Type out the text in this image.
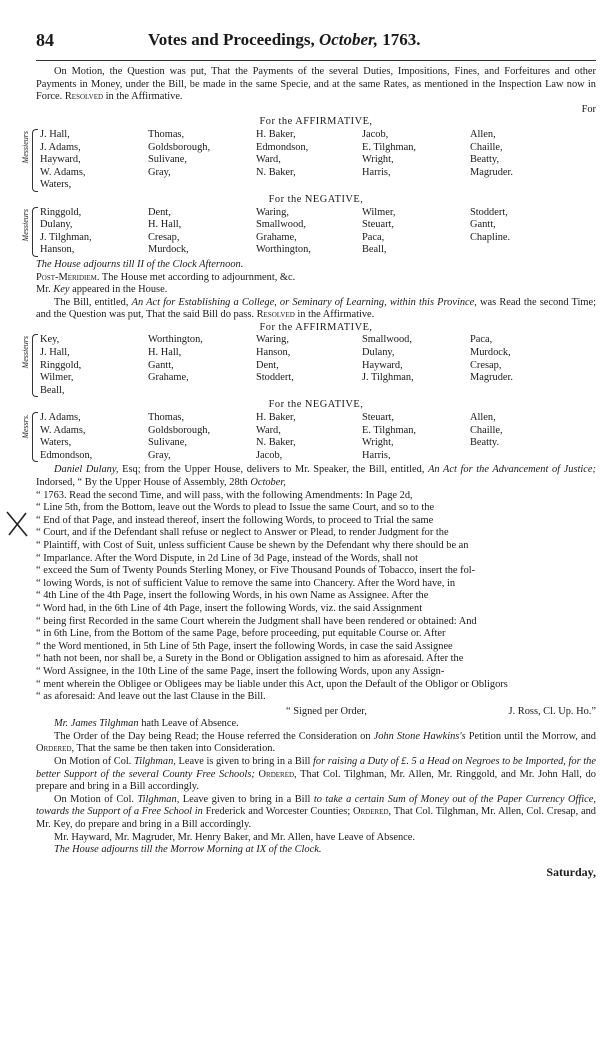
84	Votes and Proceedings, October, 1763.

On Motion, the Question was put, That the Payments of the several Duties, Impositions, Fines, and Forfeitures and other Payments in Money, under the Bill, be made in the same Specie, and at the same Rates, as mentioned in the Inspection Law now in Force. Resolved in the Affirmative.

For

For the AFFIRMATIVE,

Messieurs J. Hall,	Thomas,	H. Baker,	Jacob,	Allen,
J. Adams,	Goldsborough,	Edmondson,	E. Tilghman,	Chaille,
Hayward,	Sulivane,	Ward,	Wright,	Beatty,
W. Adams,	Gray,	N. Baker,	Harris,	Magruder.
Waters,

For the NEGATIVE,

Messieurs Ringgold,	Dent,	Waring,	Wilmer,	Stoddert,
Dulany,	H. Hall,	Smallwood,	Steuart,	Gantt,
J. Tilghman,	Cresap,	Grahame,	Paca,	Chapline.
Hanson,	Murdock,	Worthington,	Beall,

The House adjourns till II of the Clock Afternoon.

Post-Meridiem. The House met according to adjournment, &c.

Mr. Key appeared in the House.

The Bill, entitled, An Act for Establishing a College, or Seminary of Learning, within this Province, was Read the second Time; and the Question was put, That the said Bill do pass. Resolved in the Affirmative.

For the AFFIRMATIVE,

Messieurs Key,	Worthington,	Waring,	Smallwood,	Paca,
J. Hall,	H. Hall,	Hanson,	Dulany,	Murdock,
Ringgold,	Gantt,	Dent,	Hayward,	Cresap,
Wilmer,	Grahame,	Stoddert,	J. Tilghman,	Magruder.
Beall,

For the NEGATIVE,

Messrs. J. Adams,	Thomas,	H. Baker,	Steuart,	Allen,
W. Adams,	Goldsborough,	Ward,	E. Tilghman,	Chaille,
Waters,	Sulivane,	N. Baker,	Wright,	Beatty.
Edmondson,	Gray,	Jacob,	Harris,

Daniel Dulany, Esq; from the Upper House, delivers to Mr. Speaker, the Bill, entitled, An Act for the Advancement of Justice; Indorsed, “ By the Upper House of Assembly, 28th October,

“ 1763. Read the second Time, and will pass, with the following Amendments: In Page 2d,

“ Line 5th, from the Bottom, leave out the Words to plead to Issue the same Court, and so to the

“ End of that Page, and instead thereof, insert the following Words, to proceed to Trial the same

“ Court, and if the Defendant shall refuse or neglect to Answer or Plead, to render Judgment for the

“ Plaintiff, with Cost of Suit, unless sufficient Cause be shewn by the Defendant why there should be an

“ Imparlance. After the Word Dispute, in 2d Line of 3d Page, instead of the Words, shall not

“ exceed the Sum of Twenty Pounds Sterling Money, or Five Thousand Pounds of Tobacco, insert the fol-

“ lowing Words, is not of sufficient Value to remove the same into Chancery. After the Word have, in

“ 4th Line of the 4th Page, insert the following Words, in his own Name as Assignee. After the

“ Word had, in the 6th Line of 4th Page, insert the following Words, viz. the said Assignment

“ being first Recorded in the same Court wherein the Judgment shall have been rendered or obtained: And

“ in 6th Line, from the Bottom of the same Page, before proceeding, put equitable Course or. After

“ the Word mentioned, in 5th Line of 5th Page, insert the following Words, in case the said Assignee

“ hath not been, nor shall be, a Surety in the Bond or Obligation assigned to him as aforesaid. After the

“ Word Assignee, in the 10th Line of the same Page, insert the following Words, upon any Assign-

“ ment wherein the Obligee or Obligees may be liable under this Act, upon the Default of the Obligor or Obligors

“ as aforesaid: And leave out the last Clause in the Bill.

“ Signed per Order,	J. Ross, Cl. Up. Ho.”

Mr. James Tilghman hath Leave of Absence.

The Order of the Day being Read; the House referred the Consideration on John Stone Hawkins's Petition until the Morrow, and Ordered, That the same be then taken into Consideration.

On Motion of Col. Tilghman, Leave is given to bring in a Bill for raising a Duty of £. 5 a Head on Negroes to be Imported, for the better Support of the several County Free Schools; Ordered, That Col. Tilghman, Mr. Allen, Mr. Ringgold, and Mr. John Hall, do prepare and bring in a Bill accordingly.

On Motion of Col. Tilghman, Leave given to bring in a Bill to take a certain Sum of Money out of the Paper Currency Office, towards the Support of a Free School in Frederick and Worcester Counties; Ordered, That Col. Tilghman, Mr. Allen, Col. Cresap, and Mr. Key, do prepare and bring in a Bill accordingly.

Mr. Hayward, Mr. Magruder, Mr. Henry Baker, and Mr. Allen, have Leave of Absence.

The House adjourns till the Morrow Morning at IX of the Clock.

Saturday,
